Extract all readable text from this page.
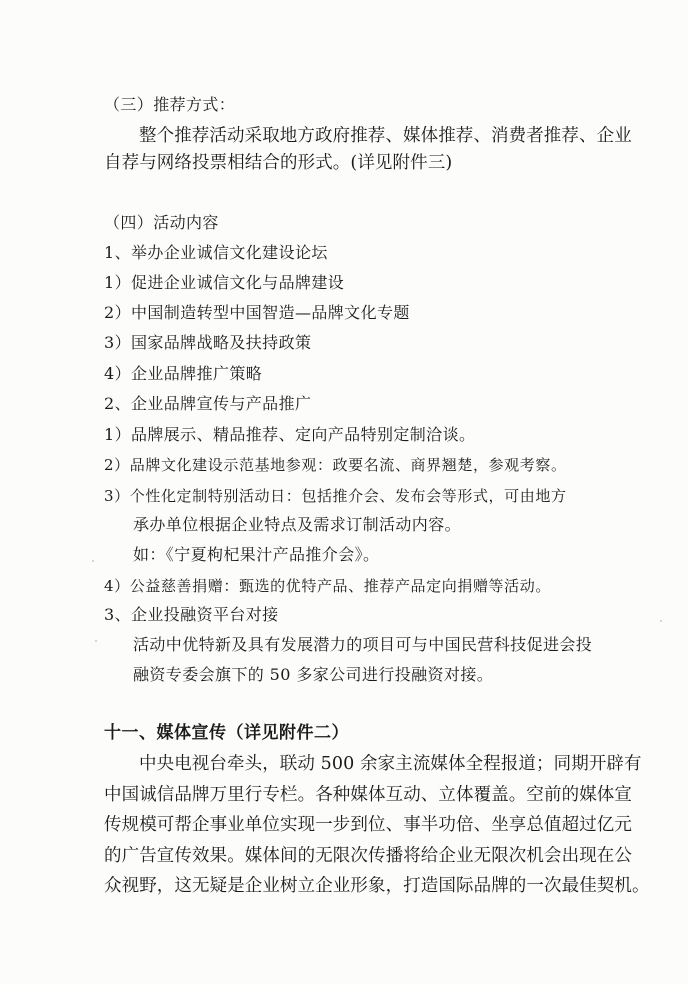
（三）推荐方式：
整个推荐活动采取地方政府推荐、媒体推荐、消费者推荐、企业
自荐与网络投票相结合的形式。(详见附件三)
（四）活动内容
1、举办企业诚信文化建设论坛
1）促进企业诚信文化与品牌建设
2）中国制造转型中国智造—品牌文化专题
3）国家品牌战略及扶持政策
4）企业品牌推广策略
2、企业品牌宣传与产品推广
1）品牌展示、精品推荐、定向产品特别定制洽谈。
2）品牌文化建设示范基地参观：政要名流、商界翘楚，参观考察。
3）个性化定制特别活动日：包括推介会、发布会等形式，可由地方
承办单位根据企业特点及需求订制活动内容。
如：《宁夏枸杞果汁产品推介会》。
4）公益慈善捐赠：甄选的优特产品、推荐产品定向捐赠等活动。
3、企业投融资平台对接
活动中优特新及具有发展潜力的项目可与中国民营科技促进会投
融资专委会旗下的 50 多家公司进行投融资对接。
十一、媒体宣传（详见附件二）
中央电视台牵头，联动 500 余家主流媒体全程报道；同期开辟有
中国诚信品牌万里行专栏。各种媒体互动、立体覆盖。空前的媒体宣
传规模可帮企事业单位实现一步到位、事半功倍、坐享总值超过亿元
的广告宣传效果。媒体间的无限次传播将给企业无限次机会出现在公
众视野，这无疑是企业树立企业形象，打造国际品牌的一次最佳契机。
